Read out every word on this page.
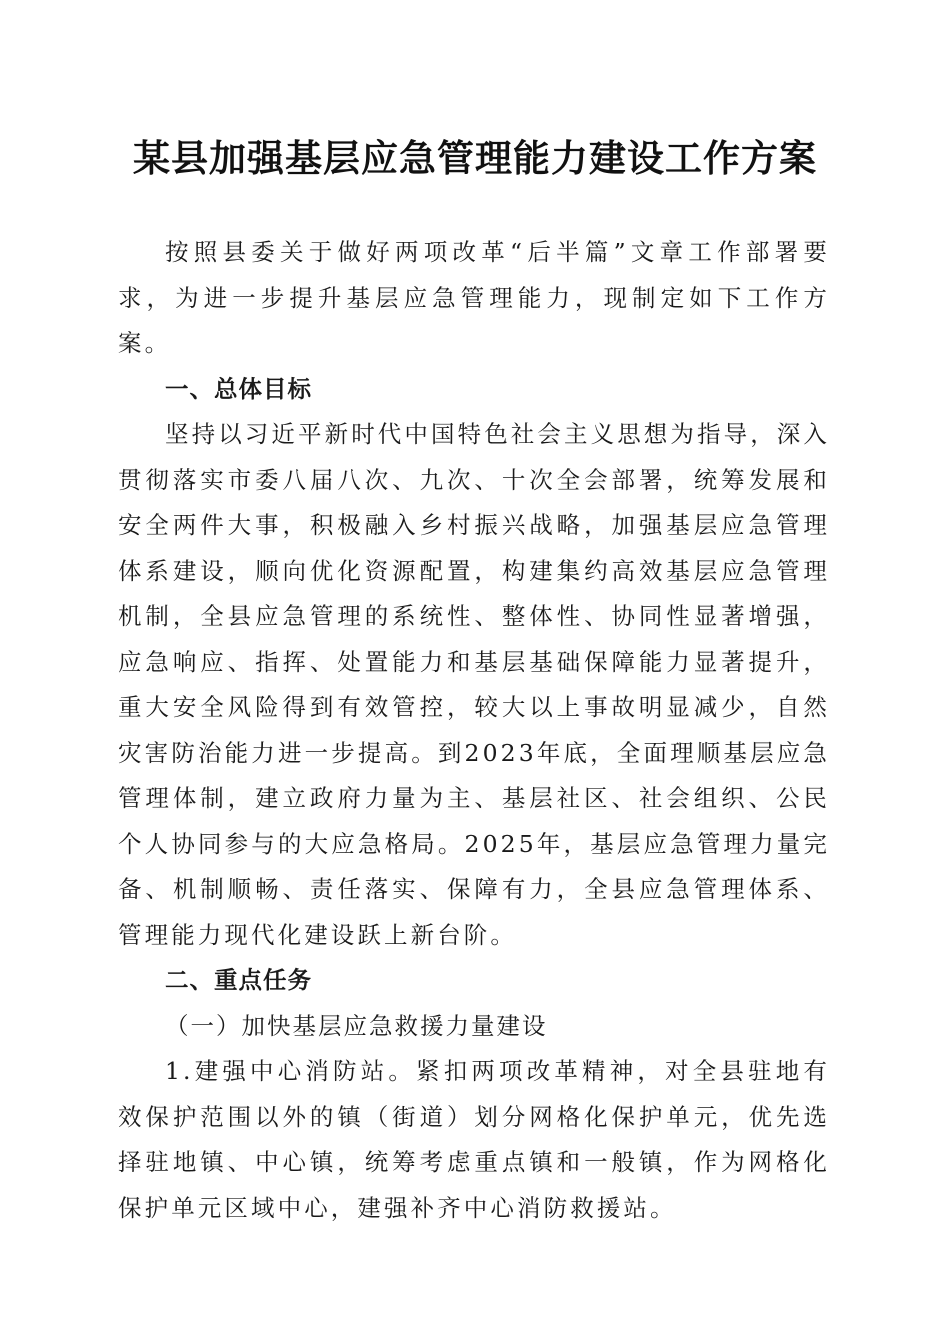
某县加强基层应急管理能力建设工作方案

按照县委关于做好两项改革“后半篇”文章工作部署要求，为进一步提升基层应急管理能力，现制定如下工作方案。

一、总体目标

坚持以习近平新时代中国特色社会主义思想为指导，深入贯彻落实市委八届八次、九次、十次全会部署，统筹发展和安全两件大事，积极融入乡村振兴战略，加强基层应急管理体系建设，顺向优化资源配置，构建集约高效基层应急管理机制，全县应急管理的系统性、整体性、协同性显著增强，应急响应、指挥、处置能力和基层基础保障能力显著提升，重大安全风险得到有效管控，较大以上事故明显减少，自然灾害防治能力进一步提高。到2023年底，全面理顺基层应急管理体制，建立政府力量为主、基层社区、社会组织、公民个人协同参与的大应急格局。2025年，基层应急管理力量完备、机制顺畅、责任落实、保障有力，全县应急管理体系、管理能力现代化建设跃上新台阶。

二、重点任务

（一）加快基层应急救援力量建设

1.建强中心消防站。紧扣两项改革精神，对全县驻地有效保护范围以外的镇（街道）划分网格化保护单元，优先选择驻地镇、中心镇，统筹考虑重点镇和一般镇，作为网格化保护单元区域中心，建强补齐中心消防救援站。
